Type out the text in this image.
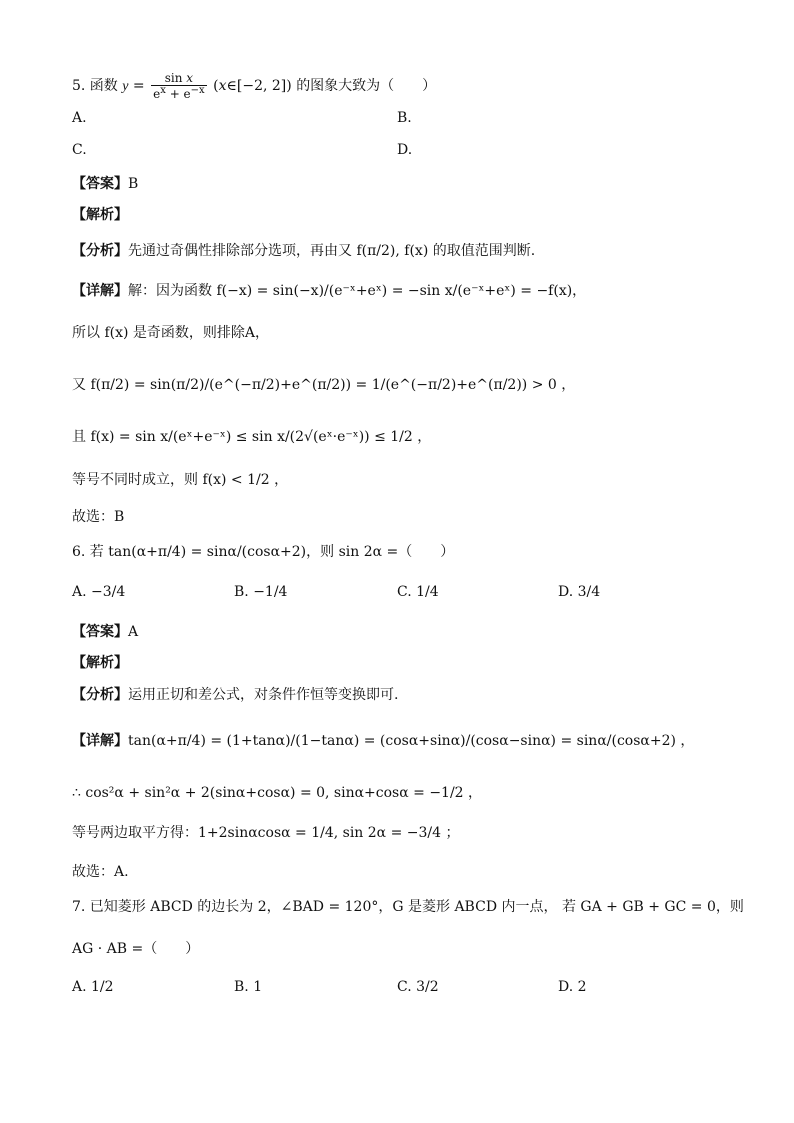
5. 函数 $y = \frac{\text{sin x}}{e^x + e^{-x}}$ (x∈[−2, 2]) 的图象大致为（　　）
A.	B.
C.	D.
【答案】B
【解析】
【分析】先通过奇偶性排除部分选项，再由又 f(π/2), f(x) 的取值范围判断.
【详解】解：因为函数 f(−x) = sin(−x)/(e⁻ˣ+eˣ) = −sin x/(e⁻ˣ+eˣ) = −f(x)，
所以 f(x) 是奇函数，则排除A，
又 f(π/2) = sin(π/2)/(e^(−π/2)+e^(π/2)) = 1/(e^(−π/2)+e^(π/2)) > 0 ，
且 f(x) = sin x/(eˣ+e⁻ˣ) ≤ sin x/(2√(eˣ·e⁻ˣ)) ≤ 1/2 ，
等号不同时成立，则 f(x) < 1/2 ，
故选：B
6. 若 tan(α+π/4) = sinα/(cosα+2)，则 sin 2α =（　　）
A. −3/4	B. −1/4	C. 1/4	D. 3/4
【答案】A
【解析】
【分析】运用正切和差公式，对条件作恒等变换即可.
【详解】tan(α+π/4) = (1+tanα)/(1−tanα) = (cosα+sinα)/(cosα−sinα) = sinα/(cosα+2) ，
∴ cos²α + sin²α + 2(sinα+cosα) = 0, sinα+cosα = −1/2 ，
等号两边取平方得：1+2sinαcosα = 1/4, sin 2α = −3/4 ；
故选：A.
7. 已知菱形 ABCD 的边长为 2，∠BAD = 120°，G 是菱形 ABCD 内一点， 若 GA + GB + GC = 0，则
AG · AB =（　　）
A. 1/2	B. 1	C. 3/2	D. 2
